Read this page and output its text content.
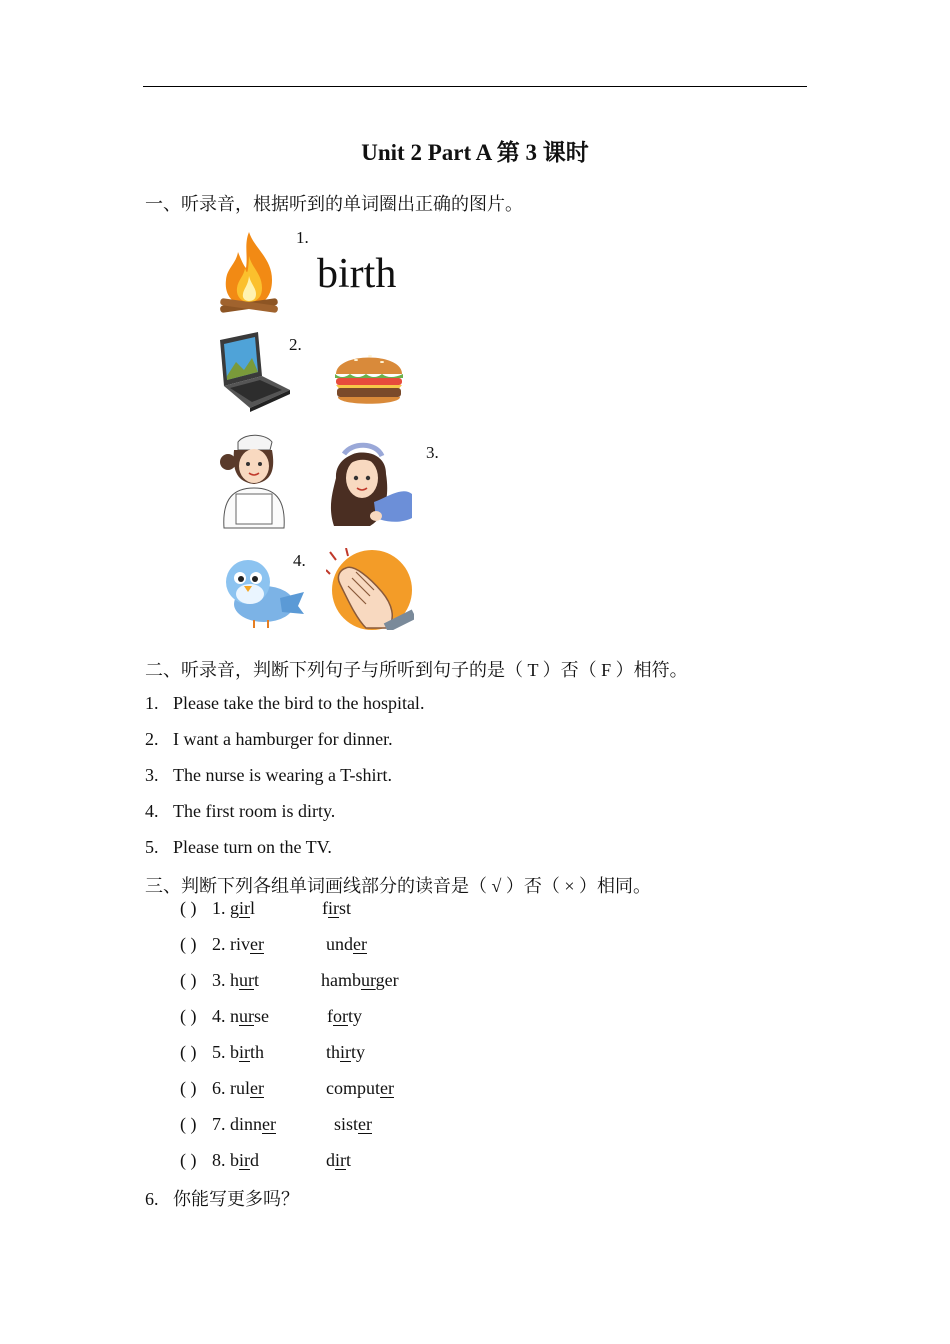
Unit 2 Part A 第 3 课时
一、听录音，根据听到的单词圈出正确的图片。
1.
birth
2.
3.
4.
二、听录音，判断下列句子与所听到句子的是（ T ）否（ F ）相符。
1. Please take the bird to the hospital.
2. I want a hamburger for dinner.
3. The nurse is wearing a T-shirt.
4. The first room is dirty.
5. Please turn on the TV.
三、判断下列各组单词画线部分的读音是（ √ ）否（ × ）相同。
( ) 1. girl	first
( ) 2. river	under
( ) 3. hurt	hamburger
( ) 4. nurse	forty
( ) 5. birth	thirty
( ) 6. ruler	computer
( ) 7. dinner	sister
( ) 8. bird	dirt
6. 你能写更多吗？
